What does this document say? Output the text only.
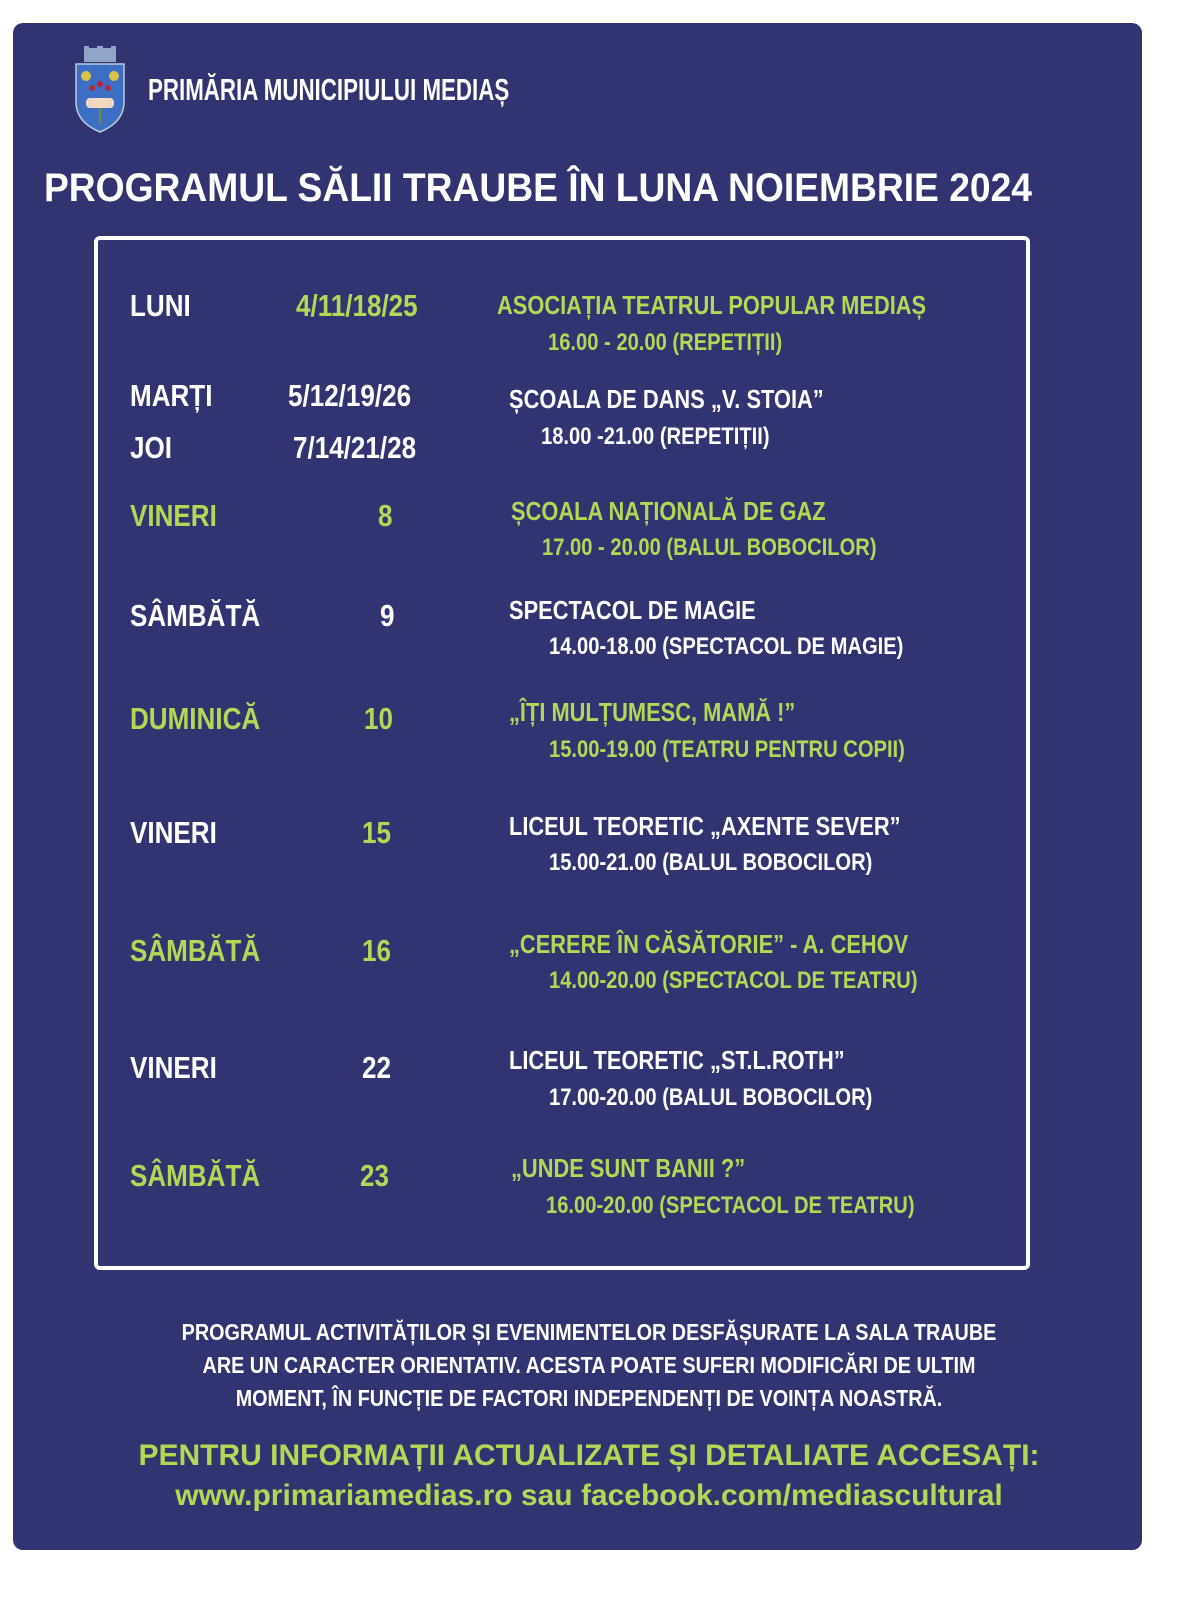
PRIMĂRIA MUNICIPIULUI MEDIAȘ
PROGRAMUL SĂLII TRAUBE ÎN LUNA NOIEMBRIE 2024
LUNI	4/11/18/25	ASOCIAȚIA TEATRUL POPULAR MEDIAȘ
16.00 - 20.00 (REPETIȚII)
MARȚI 5/12/19/26
JOI	7/14/21/28
ȘCOALA DE DANS „V. STOIA”
18.00 -21.00 (REPETIȚII)
VINERI	8	ȘCOALA NAȚIONALĂ DE GAZ
17.00 - 20.00 (BALUL BOBOCILOR)
SÂMBĂTĂ	9	SPECTACOL DE MAGIE
14.00-18.00 (SPECTACOL DE MAGIE)
DUMINICĂ	10	„ÎȚI MULȚUMESC, MAMĂ !”
15.00-19.00 (TEATRU PENTRU COPII)
VINERI	15	LICEUL TEORETIC „AXENTE SEVER”
15.00-21.00 (BALUL BOBOCILOR)
SÂMBĂTĂ	16	„CERERE ÎN CĂSĂTORIE” - A. CEHOV
14.00-20.00 (SPECTACOL DE TEATRU)
VINERI	22	LICEUL TEORETIC „ST.L.ROTH”
17.00-20.00 (BALUL BOBOCILOR)
SÂMBĂTĂ	23	„UNDE SUNT BANII ?”
16.00-20.00 (SPECTACOL DE TEATRU)
PROGRAMUL ACTIVITĂȚILOR ȘI EVENIMENTELOR DESFĂȘURATE LA SALA TRAUBE
ARE UN CARACTER ORIENTATIV. ACESTA POATE SUFERI MODIFICĂRI DE ULTIM
MOMENT, ÎN FUNCȚIE DE FACTORI INDEPENDENȚI DE VOINȚA NOASTRĂ.
PENTRU INFORMAȚII ACTUALIZATE ȘI DETALIATE ACCESAȚI:
www.primariamedias.ro sau facebook.com/mediascultural
